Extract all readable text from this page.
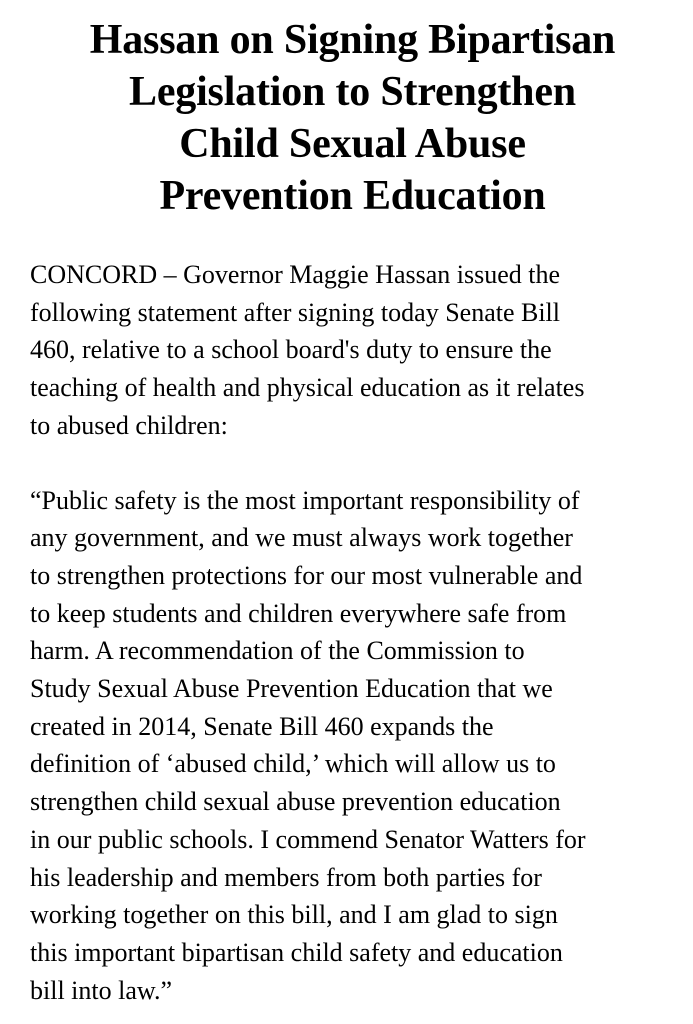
Hassan on Signing Bipartisan
Legislation to Strengthen
Child Sexual Abuse
Prevention Education

CONCORD – Governor Maggie Hassan issued the
following statement after signing today Senate Bill
460, relative to a school board's duty to ensure the
teaching of health and physical education as it relates
to abused children:

“Public safety is the most important responsibility of
any government, and we must always work together
to strengthen protections for our most vulnerable and
to keep students and children everywhere safe from
harm. A recommendation of the Commission to
Study Sexual Abuse Prevention Education that we
created in 2014, Senate Bill 460 expands the
definition of ‘abused child,’ which will allow us to
strengthen child sexual abuse prevention education
in our public schools. I commend Senator Watters for
his leadership and members from both parties for
working together on this bill, and I am glad to sign
this important bipartisan child safety and education
bill into law.”
